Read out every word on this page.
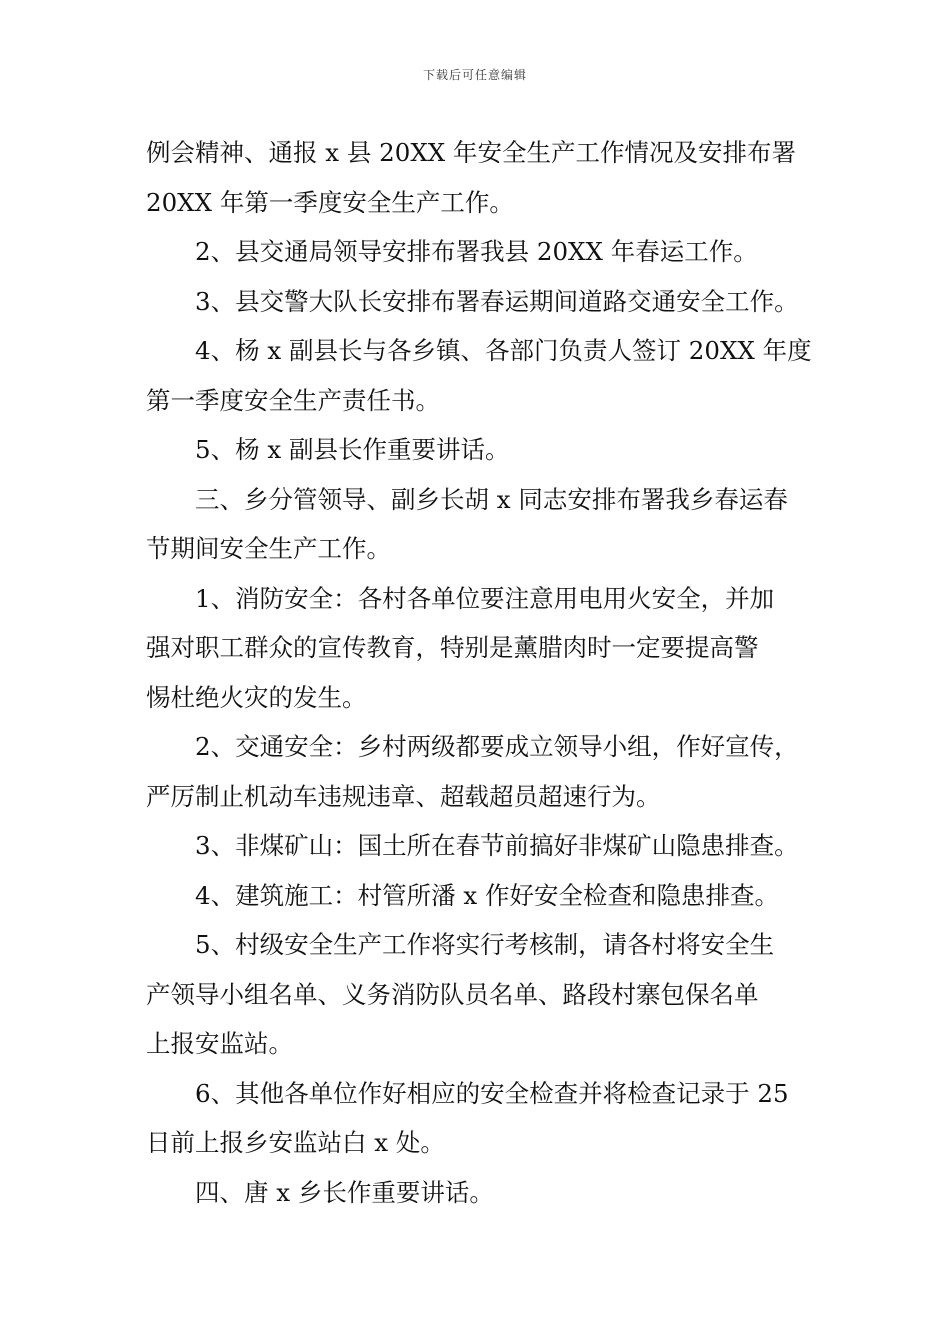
下载后可任意编辑
例会精神、通报 x 县 20XX 年安全生产工作情况及安排布署
20XX 年第一季度安全生产工作。
2、县交通局领导安排布署我县 20XX 年春运工作。
3、县交警大队长安排布署春运期间道路交通安全工作。
4、杨 x 副县长与各乡镇、各部门负责人签订 20XX 年度
第一季度安全生产责任书。
5、杨 x 副县长作重要讲话。
三、乡分管领导、副乡长胡 x 同志安排布署我乡春运春
节期间安全生产工作。
1、消防安全：各村各单位要注意用电用火安全，并加
强对职工群众的宣传教育，特别是薰腊肉时一定要提高警
惕杜绝火灾的发生。
2、交通安全：乡村两级都要成立领导小组，作好宣传，
严厉制止机动车违规违章、超载超员超速行为。
3、非煤矿山：国土所在春节前搞好非煤矿山隐患排查。
4、建筑施工：村管所潘 x 作好安全检查和隐患排查。
5、村级安全生产工作将实行考核制，请各村将安全生
产领导小组名单、义务消防队员名单、路段村寨包保名单
上报安监站。
6、其他各单位作好相应的安全检查并将检查记录于 25
日前上报乡安监站白 x 处。
四、唐 x 乡长作重要讲话。
